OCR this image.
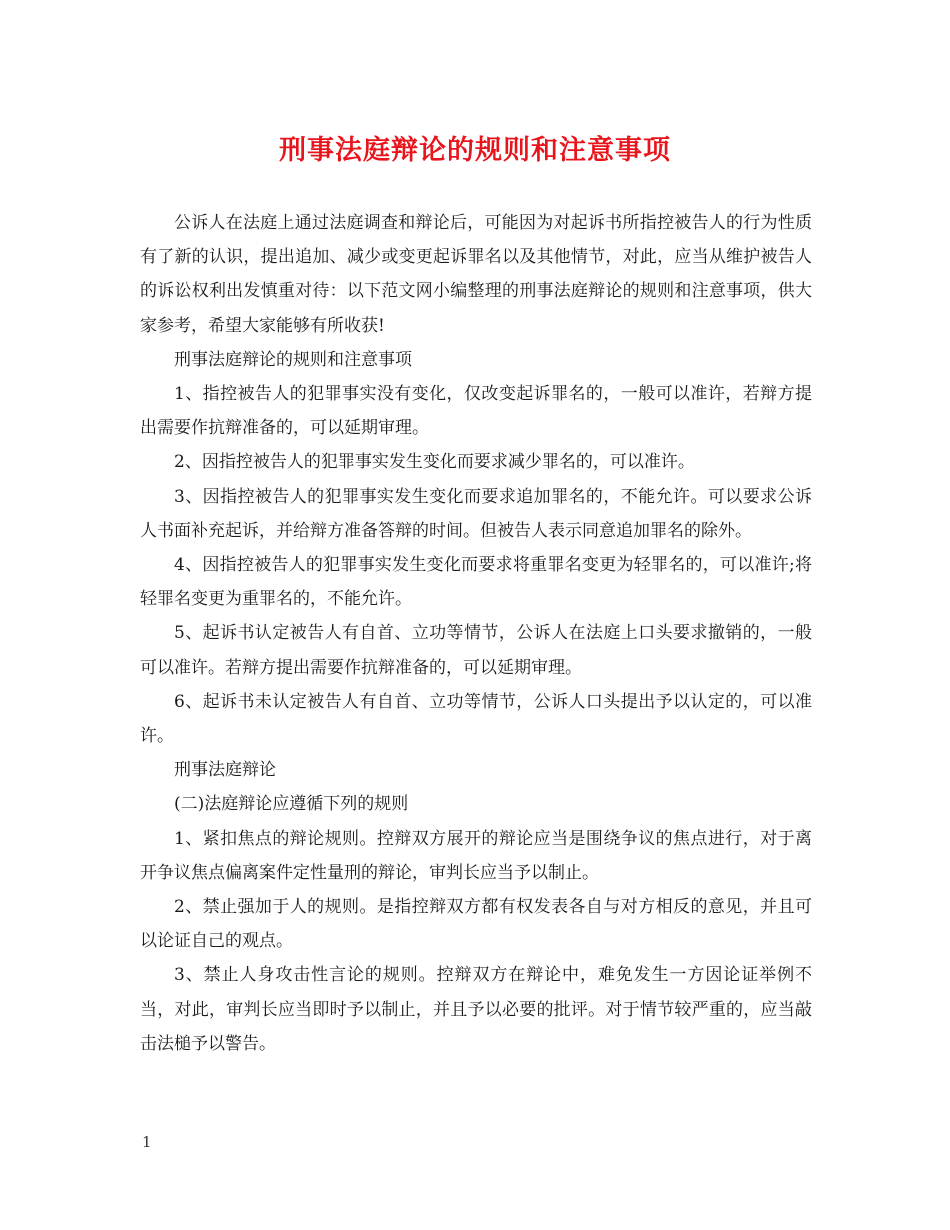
刑事法庭辩论的规则和注意事项

公诉人在法庭上通过法庭调查和辩论后，可能因为对起诉书所指控被告人的行为性质有了新的认识，提出追加、减少或变更起诉罪名以及其他情节，对此，应当从维护被告人的诉讼权利出发慎重对待：以下范文网小编整理的刑事法庭辩论的规则和注意事项，供大家参考，希望大家能够有所收获!

刑事法庭辩论的规则和注意事项

1、指控被告人的犯罪事实没有变化，仅改变起诉罪名的，一般可以准许，若辩方提出需要作抗辩准备的，可以延期审理。

2、因指控被告人的犯罪事实发生变化而要求减少罪名的，可以准许。

3、因指控被告人的犯罪事实发生变化而要求追加罪名的，不能允许。可以要求公诉人书面补充起诉，并给辩方准备答辩的时间。但被告人表示同意追加罪名的除外。

4、因指控被告人的犯罪事实发生变化而要求将重罪名变更为轻罪名的，可以准许;将轻罪名变更为重罪名的，不能允许。

5、起诉书认定被告人有自首、立功等情节，公诉人在法庭上口头要求撤销的，一般可以准许。若辩方提出需要作抗辩准备的，可以延期审理。

6、起诉书未认定被告人有自首、立功等情节，公诉人口头提出予以认定的，可以准许。

刑事法庭辩论

(二)法庭辩论应遵循下列的规则

1、紧扣焦点的辩论规则。控辩双方展开的辩论应当是围绕争议的焦点进行，对于离开争议焦点偏离案件定性量刑的辩论，审判长应当予以制止。

2、禁止强加于人的规则。是指控辩双方都有权发表各自与对方相反的意见，并且可以论证自己的观点。

3、禁止人身攻击性言论的规则。控辩双方在辩论中，难免发生一方因论证举例不当，对此，审判长应当即时予以制止，并且予以必要的批评。对于情节较严重的，应当敲击法槌予以警告。

1
